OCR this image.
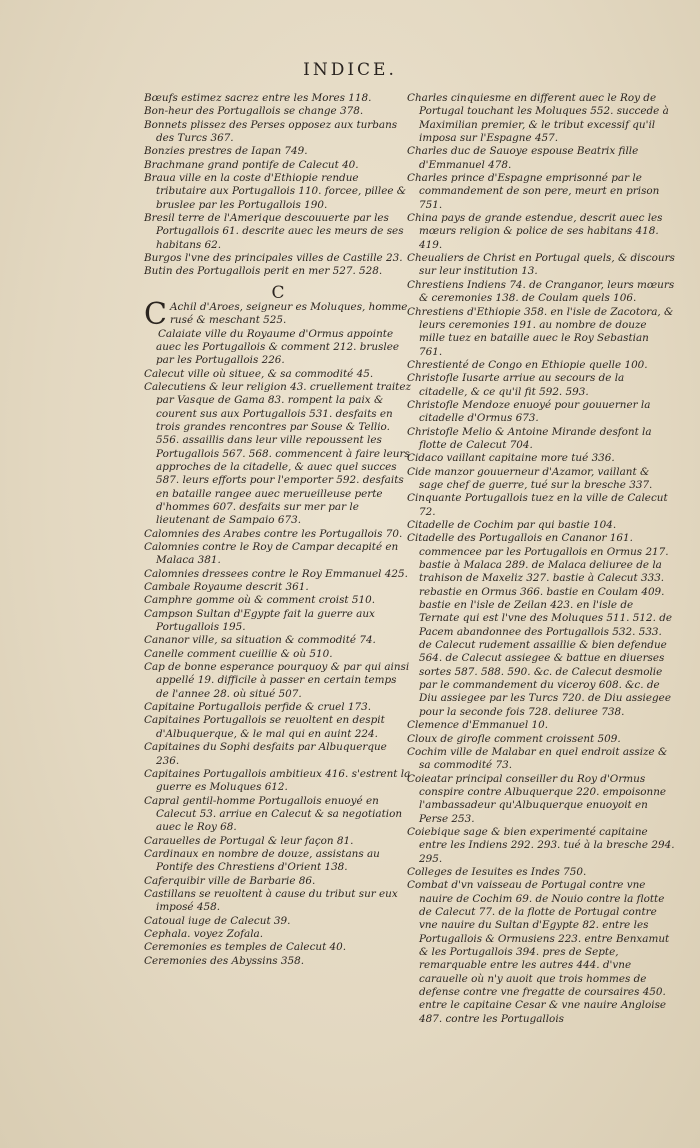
INDICE.

Bœufs estimez sacrez entre les Mores 118.

Bon-heur des Portugallois se change 378.

Bonnets plissez des Perses opposez aux turbans des Turcs 367.

Bonzies prestres de Iapan 749.

Brachmane grand pontife de Calecut 40.

Braua ville en la coste d'Ethiopie rendue tributaire aux Portugallois 110. forcee, pillee & bruslee par les Portugallois 190.

Bresil terre de l'Amerique descouuerte par les Portugallois 61. descrite auec les meurs de ses habitans 62.

Burgos l'vne des principales villes de Castille 23.

Butin des Portugallois perit en mer 527. 528.

C

C Achil d'Aroes, seigneur es Moluques, homme rusé & meschant 525.

Calaiate ville du Royaume d'Ormus appointe auec les Portugallois & comment 212. bruslee par les Portugallois 226.

Calecut ville où situee, & sa commodité 45.

Calecutiens & leur religion 43. cruellement traitez par Vasque de Gama 83. rompent la paix & courent sus aux Portugallois 531. desfaits en trois grandes rencontres par Souse & Tellio. 556. assaillis dans leur ville repoussent les Portugallois 567. 568. commencent à faire leurs approches de la citadelle, & auec quel succes 587. leurs efforts pour l'emporter 592. desfaits en bataille rangee auec merueilleuse perte d'hommes 607. desfaits sur mer par le lieutenant de Sampaio 673.

Calomnies des Arabes contre les Portugallois 70.

Calomnies contre le Roy de Campar decapité en Malaca 381.

Calomnies dressees contre le Roy Emmanuel 425.

Cambale Royaume descrit 361.

Camphre gomme où & comment croist 510.

Campson Sultan d'Egypte fait la guerre aux Portugallois 195.

Cananor ville, sa situation & commodité 74.

Canelle comment cueillie & où 510.

Cap de bonne esperance pourquoy & par qui ainsi appellé 19. difficile à passer en certain temps de l'annee 28. où situé 507.

Capitaine Portugallois perfide & cruel 173.

Capitaines Portugallois se reuoltent en despit d'Albuquerque, & le mal qui en auint 224.

Capitaines du Sophi desfaits par Albuquerque 236.

Capitaines Portugallois ambitieux 416. s'estrent la guerre es Moluques 612.

Capral gentil-homme Portugallois enuoyé en Calecut 53. arriue en Calecut & sa negotiation auec le Roy 68.

Carauelles de Portugal & leur façon 81.

Cardinaux en nombre de douze, assistans au Pontife des Chrestiens d'Orient 138.

Caferquibir ville de Barbarie 86.

Castillans se reuoltent à cause du tribut sur eux imposé 458.

Catoual iuge de Calecut 39.

Cephala. voyez Zofala.

Ceremonies es temples de Calecut 40.

Ceremonies des Abyssins 358.

Charles cinquiesme en different auec le Roy de Portugal touchant les Moluques 552. succede à Maximilian premier, & le tribut excessif qu'il imposa sur l'Espagne 457.

Charles duc de Sauoye espouse Beatrix fille d'Emmanuel 478.

Charles prince d'Espagne emprisonné par le commandement de son pere, meurt en prison 751.

China pays de grande estendue, descrit auec les mœurs religion & police de ses habitans 418. 419.

Cheualiers de Christ en Portugal quels, & discours sur leur institution 13.

Chrestiens Indiens 74. de Cranganor, leurs mœurs & ceremonies 138. de Coulam quels 106.

Chrestiens d'Ethiopie 358. en l'isle de Zacotora, & leurs ceremonies 191. au nombre de douze mille tuez en bataille auec le Roy Sebastian 761.

Chrestienté de Congo en Ethiopie quelle 100.

Christofle Iusarte arriue au secours de la citadelle, & ce qu'il fit 592. 593.

Christofle Mendoze enuoyé pour gouuerner la citadelle d'Ormus 673.

Christofle Melio & Antoine Mirande desfont la flotte de Calecut 704.

Cidaco vaillant capitaine more tué 336.

Cide manzor gouuerneur d'Azamor, vaillant & sage chef de guerre, tué sur la bresche 337.

Cinquante Portugallois tuez en la ville de Calecut 72.

Citadelle de Cochim par qui bastie 104.

Citadelle des Portugallois en Cananor 161. commencee par les Portugallois en Ormus 217. bastie à Malaca 289. de Malaca deliuree de la trahison de Maxeliz 327. bastie à Calecut 333. rebastie en Ormus 366. bastie en Coulam 409. bastie en l'isle de Zeilan 423. en l'isle de Ternate qui est l'vne des Moluques 511. 512. de Pacem abandonnee des Portugallois 532. 533. de Calecut rudement assaillie & bien defendue 564. de Calecut assiegee & battue en diuerses sortes 587. 588. 590. &c. de Calecut desmolie par le commandement du viceroy 608. &c. de Diu assiegee par les Turcs 720. de Diu assiegee pour la seconde fois 728. deliuree 738.

Clemence d'Emmanuel 10.

Cloux de girofle comment croissent 509.

Cochim ville de Malabar en quel endroit assize & sa commodité 73.

Coieatar principal conseiller du Roy d'Ormus conspire contre Albuquerque 220. empoisonne l'ambassadeur qu'Albuquerque enuoyoit en Perse 253.

Coiebique sage & bien experimenté capitaine entre les Indiens 292. 293. tué à la bresche 294. 295.

Colleges de Iesuites es Indes 750.

Combat d'vn vaisseau de Portugal contre vne nauire de Cochim 69. de Nouio contre la flotte de Calecut 77. de la flotte de Portugal contre vne nauire du Sultan d'Egypte 82. entre les Portugallois & Ormusiens 223. entre Benxamut & les Portugallois 394. pres de Septe, remarquable entre les autres 444. d'vne carauelle où n'y auoit que trois hommes de defense contre vne fregatte de coursaires 450. entre le capitaine Cesar & vne nauire Angloise 487. contre les Portugallois
